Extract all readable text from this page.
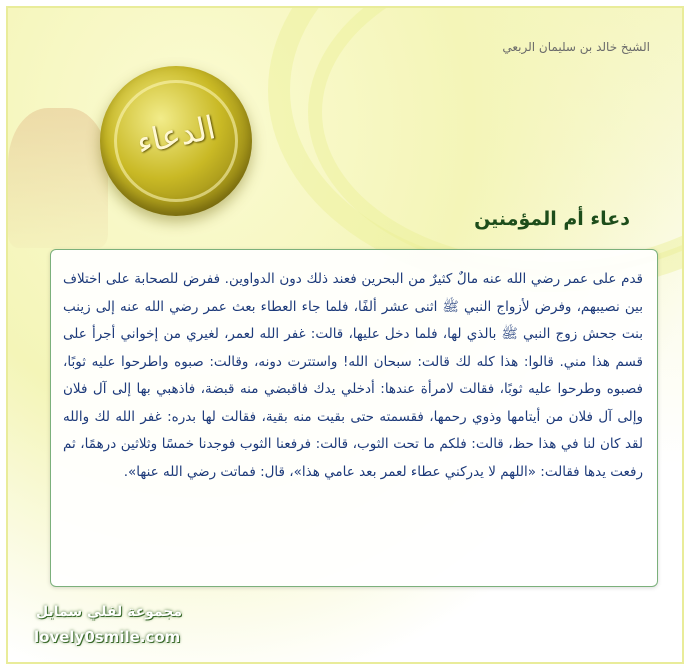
الدعاء
الشيخ خالد بن سليمان الربعي
دعاء أم المؤمنين
قدم على عمر رضي الله عنه مالٌ كثيرٌ من البحرين فعند ذلك دون الدواوين. ففرض للصحابة على اختلاف بين نصيبهم، وفرض لأزواج النبي ﷺ اثنى عشر ألفًا، فلما جاء العطاء بعث عمر رضي الله عنه إلى زينب بنت جحش زوج النبي ﷺ بالذي لها، فلما دخل عليها، قالت: غفر الله لعمر، لغيري من إخواني أجرأ على قسم هذا مني. قالوا: هذا كله لك قالت: سبحان الله! واستترت دونه، وقالت: صبوه واطرحوا عليه ثوبًا، فصبوه وطرحوا عليه ثوبًا، فقالت لامرأة عندها: أدخلي يدك فاقبضي منه قبضة، فاذهبي بها إلى آل فلان وإلى آل فلان من أيتامها وذوي رحمها، فقسمته حتى بقيت منه بقية، فقالت لها بدره: غفر الله لك والله لقد كان لنا في هذا حظ، قالت: فلكم ما تحت الثوب، قالت: فرفعنا الثوب فوجدنا خمسًا وثلاثين درهمًا، ثم رفعت يدها فقالت: «اللهم لا يدركني عطاء لعمر بعد عامي هذا»، قال: فماتت رضي الله عنها».
مجموعة لفلي سمايل
lovely0smile.com
